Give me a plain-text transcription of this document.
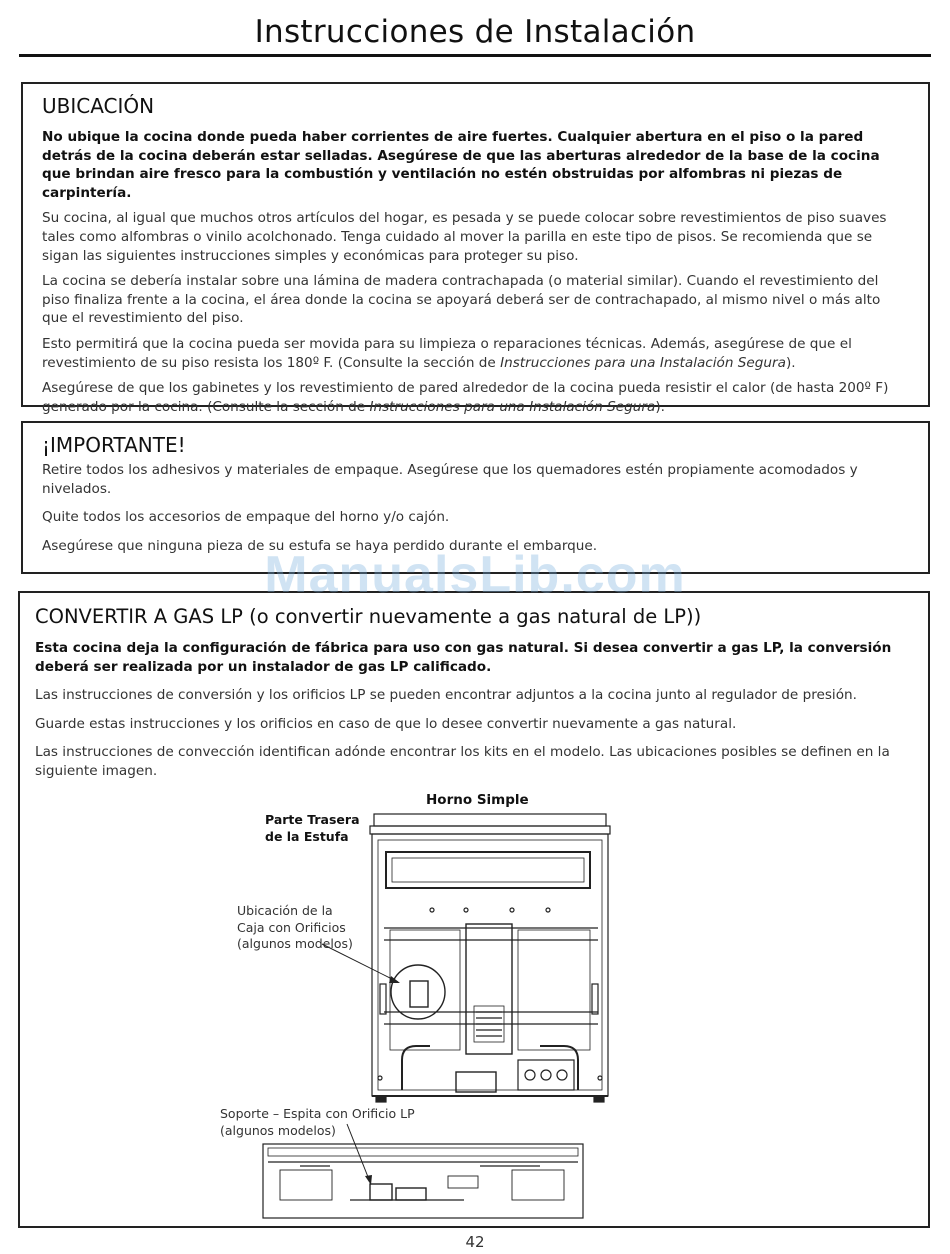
Instrucciones de Instalación
UBICACIÓN

No ubique la cocina donde pueda haber corrientes de aire fuertes. Cualquier abertura en el piso o la pared detrás de la cocina deberán estar selladas. Asegúrese de que las aberturas alrededor de la base de la cocina que brindan aire fresco para la combustión y ventilación no estén obstruidas por alfombras ni piezas de carpintería.

Su cocina, al igual que muchos otros artículos del hogar, es pesada y se puede colocar sobre revestimientos de piso suaves tales como alfombras o vinilo acolchonado. Tenga cuidado al mover la parilla en este tipo de pisos. Se recomienda que se sigan las siguientes instrucciones simples y económicas para proteger su piso.

La cocina se debería instalar sobre una lámina de madera contrachapada (o material similar). Cuando el revestimiento del piso finaliza frente a la cocina, el área donde la cocina se apoyará deberá ser de contrachapado, al mismo nivel o más alto que el revestimiento del piso.

Esto permitirá que la cocina pueda ser movida para su limpieza o reparaciones técnicas. Además, asegúrese de que el revestimiento de su piso resista los 180º F. (Consulte la sección de Instrucciones para una Instalación Segura).

Asegúrese de que los gabinetes y los revestimiento de pared alrededor de la cocina pueda resistir el calor (de hasta 200º F) generado por la cocina. (Consulte la sección de Instrucciones para una Instalación Segura).

¡IMPORTANTE!

Retire todos los adhesivos y materiales de empaque. Asegúrese que los quemadores estén propiamente acomodados y nivelados.

Quite todos los accesorios de empaque del horno y/o cajón.

Asegúrese que ninguna pieza de su estufa se haya perdido durante el embarque.

CONVERTIR A GAS LP (o convertir nuevamente a gas natural de LP))

Esta cocina deja la configuración de fábrica para uso con gas natural. Si desea convertir a gas LP, la conversión deberá ser realizada por un instalador de gas LP calificado.

Las instrucciones de conversión y los orificios LP se pueden encontrar adjuntos a la cocina junto al regulador de presión.

Guarde estas instrucciones y los orificios en caso de que lo desee convertir nuevamente a gas natural.

Las instrucciones de convección identifican adónde encontrar los kits en el modelo. Las ubicaciones posibles se definen en la siguiente imagen.

Horno Simple
Parte Trasera
de la Estufa
Ubicación de la
Caja con Orificios
(algunos modelos)
Soporte – Espita con Orificio LP
(algunos modelos)
ManualsLib.com
42
